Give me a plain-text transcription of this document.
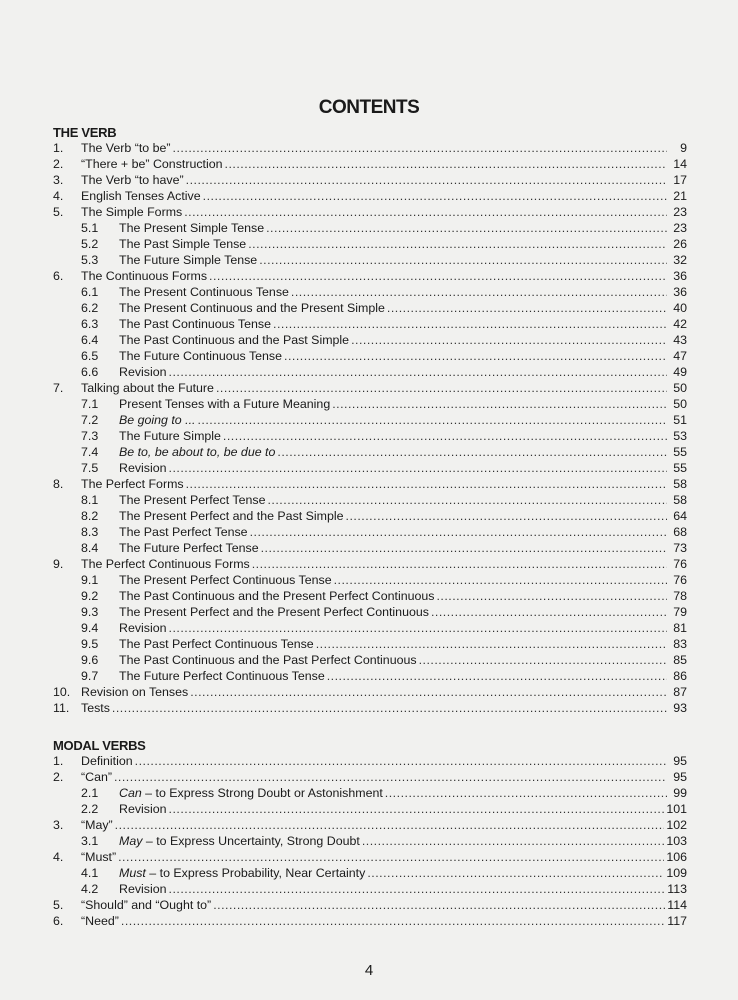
CONTENTS
THE VERB
1.	The Verb “to be” .....	9
2.	“There + be” Construction .....	14
3.	The Verb “to have” .....	17
4.	English Tenses Active .....	21
5.	The Simple Forms .....	23
5.1	The Present Simple Tense .....	23
5.2	The Past Simple Tense .....	26
5.3	The Future Simple Tense .....	32
6.	The Continuous Forms .....	36
6.1	The Present Continuous Tense .....	36
6.2	The Present Continuous and the Present Simple .....	40
6.3	The Past Continuous Tense .....	42
6.4	The Past Continuous and the Past Simple .....	43
6.5	The Future Continuous Tense .....	47
6.6	Revision .....	49
7.	Talking about the Future .....	50
7.1	Present Tenses with a Future Meaning .....	50
7.2	Be going to ... .....	51
7.3	The Future Simple .....	53
7.4	Be to, be about to, be due to .....	55
7.5	Revision .....	55
8.	The Perfect Forms .....	58
8.1	The Present Perfect Tense .....	58
8.2	The Present Perfect and the Past Simple .....	64
8.3	The Past Perfect Tense .....	68
8.4	The Future Perfect Tense .....	73
9.	The Perfect Continuous Forms .....	76
9.1	The Present Perfect Continuous Tense .....	76
9.2	The Past Continuous and the Present Perfect Continuous .....	78
9.3	The Present Perfect and the Present Perfect Continuous .....	79
9.4	Revision .....	81
9.5	The Past Perfect Continuous Tense .....	83
9.6	The Past Continuous and the Past Perfect Continuous .....	85
9.7	The Future Perfect Continuous Tense .....	86
10. Revision on Tenses .....	87
11. Tests .....	93
MODAL VERBS
1.	Definition .....	95
2.	“Can” .....	95
2.1	Can – to Express Strong Doubt or Astonishment .....	99
2.2	Revision .....	101
3.	“May” .....	102
3.1	May – to Express Uncertainty, Strong Doubt .....	103
4.	“Must” .....	106
4.1	Must – to Express Probability, Near Certainty .....	109
4.2	Revision .....	113
5.	“Should” and “Ought to” .....	114
6.	“Need” .....	117
4
